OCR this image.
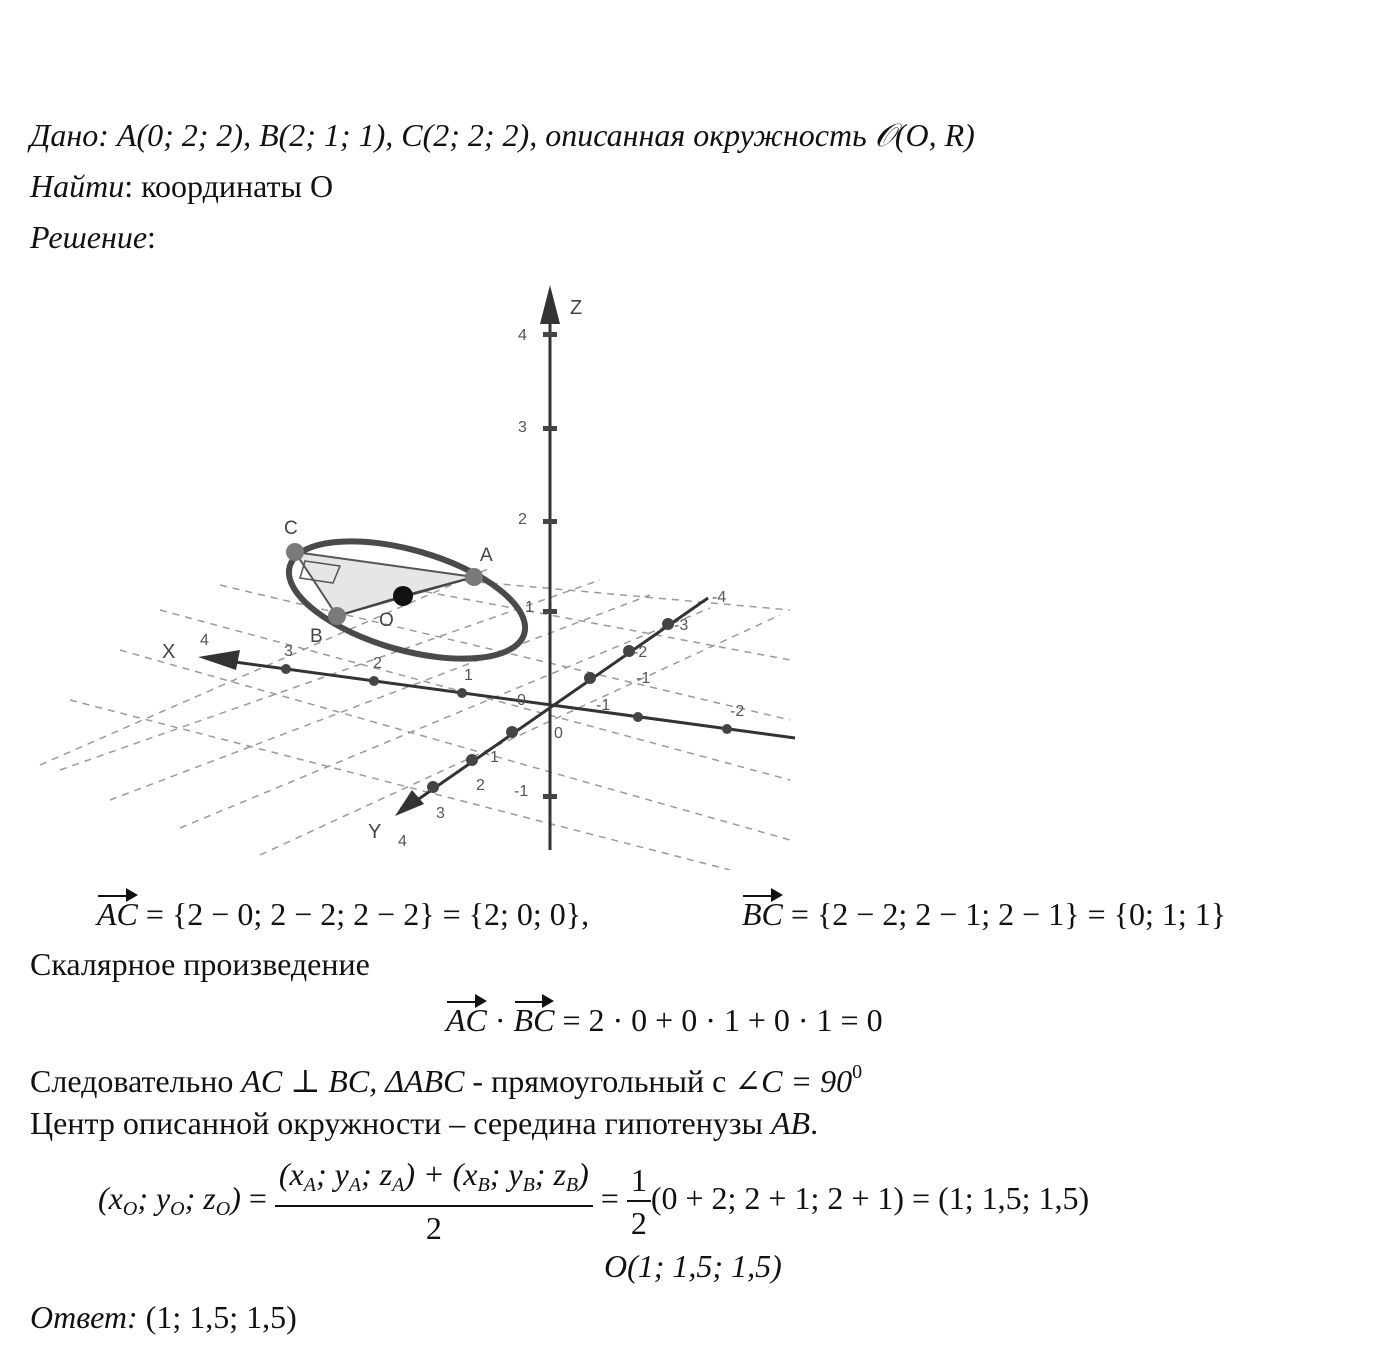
Дано: A(0; 2; 2), B(2; 1; 1), C(2; 2; 2), описанная окружность 𝒪(O, R)
Найти: координаты O
Решение:
4
3
2
1
-1	-2
1
2
3
4
-1
-2
-3
-4
4
3
2
1
-1
0
0
X
Y
Z
C
A
B
O
AC = {2 − 0; 2 − 2; 2 − 2} = {2; 0; 0},	BC = {2 − 2; 2 − 1; 2 − 1} = {0; 1; 1}
Скалярное произведение
AC · BC = 2 · 0 + 0 · 1 + 0 · 1 = 0
Следовательно AC ⊥ BC, ΔABC - прямоугольный с ∠C = $90^0$
Центр описанной окружности – середина гипотенузы AB.
($x_O$; $y_O$; $z_O) = \frac{(x_A; y_A; z_A) + (x_B; y_B; z_B)}{2} = \frac{1}{2} (0 + 2$; 2 + 1; 2 + 1) = (1; 1,5; 1,5)
O(1; 1,5; 1,5)
Ответ: (1; 1,5; 1,5)
